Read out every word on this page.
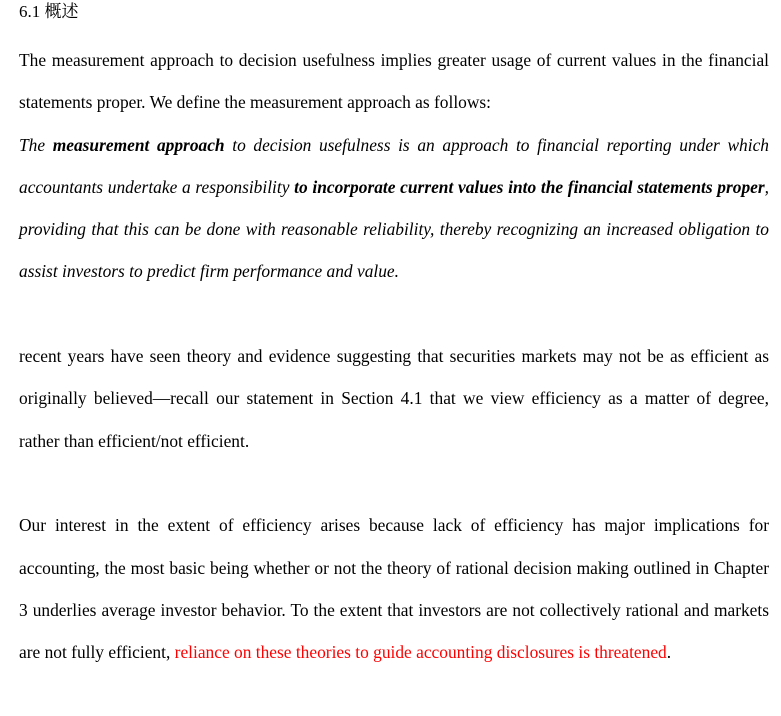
6.1 概述

The measurement approach to decision usefulness implies greater usage of current values in the financial statements proper. We define the measurement approach as follows:

The measurement approach to decision usefulness is an approach to financial reporting under which accountants undertake a responsibility to incorporate current values into the financial statements proper, providing that this can be done with reasonable reliability, thereby recognizing an increased obligation to assist investors to predict firm performance and value.

recent years have seen theory and evidence suggesting that securities markets may not be as efficient as originally believed—recall our statement in Section 4.1 that we view efficiency as a matter of degree, rather than efficient/not efficient.

Our interest in the extent of efficiency arises because lack of efficiency has major implications for accounting, the most basic being whether or not the theory of rational decision making outlined in Chapter 3 underlies average investor behavior. To the extent that investors are not collectively rational and markets are not fully efficient, reliance on these theories to guide accounting disclosures is threatened.
